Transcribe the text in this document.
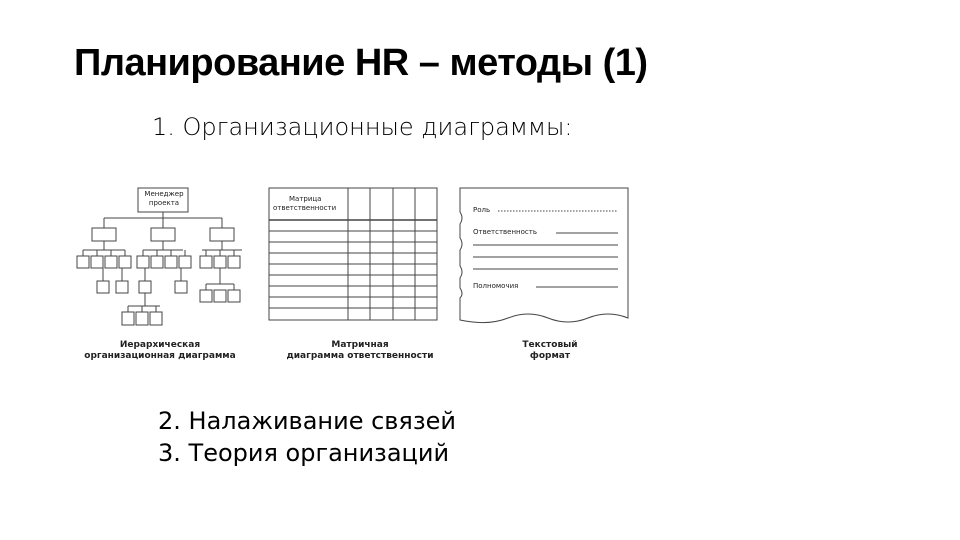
Планирование HR – методы (1)
1. Организационные диаграммы:
Менеджер
проекта
Иерархическая
организационная диаграмма
Матрица
ответственности
Матричная
диаграмма ответственности
Роль
Ответственность
Полномочия
Текстовый
формат
2. Налаживание связей
3. Теория организаций
